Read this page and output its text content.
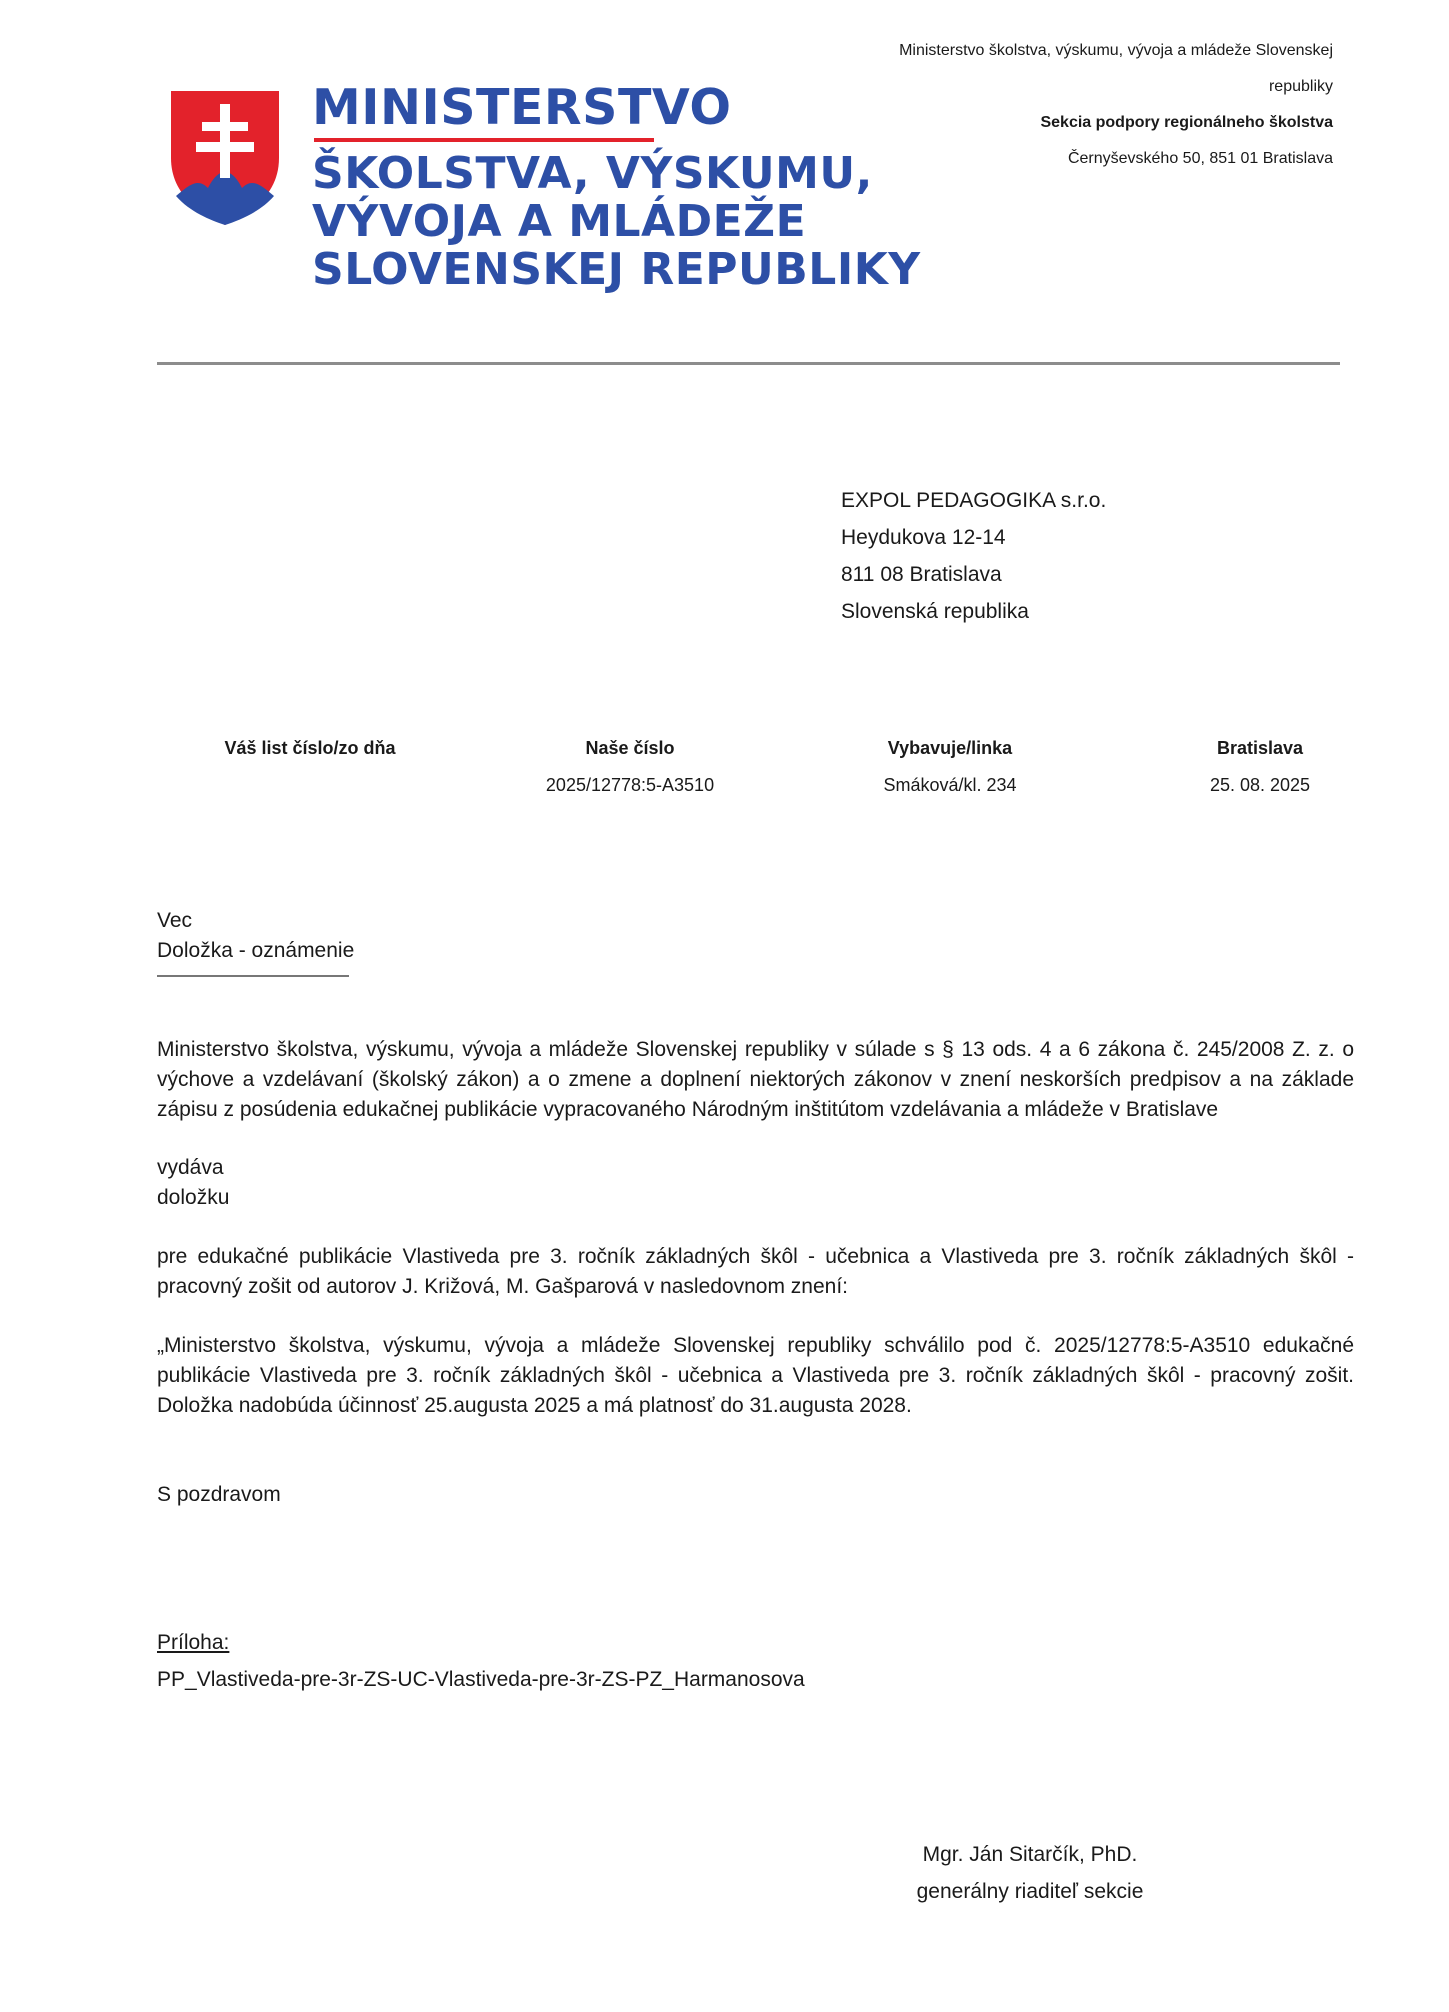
Ministerstvo školstva, výskumu, vývoja a mládeže Slovenskej
republiky
Sekcia podpory regionálneho školstva
Černyševského 50, 851 01 Bratislava
MINISTERSTVO
ŠKOLSTVA, VÝSKUMU,
VÝVOJA A MLÁDEŽE
SLOVENSKEJ REPUBLIKY
EXPOL PEDAGOGIKA s.r.o.
Heydukova 12-14
811 08 Bratislava
Slovenská republika
Váš list číslo/zo dňa	Naše číslo
2025/12778:5-A3510
Vybavuje/linka
Smáková/kl. 234
Bratislava
25. 08. 2025
Vec
Doložka - oznámenie
Ministerstvo školstva, výskumu, vývoja a mládeže Slovenskej republiky v súlade s § 13 ods. 4 a 6 zákona č. 245/2008 Z. z. o výchove a vzdelávaní (školský zákon) a o zmene a doplnení niektorých zákonov v znení neskorších predpisov a na základe zápisu z posúdenia edukačnej publikácie vypracovaného Národným inštitútom vzdelávania a mládeže v Bratislave
vydáva
doložku
pre edukačné publikácie Vlastiveda pre 3. ročník základných škôl - učebnica a Vlastiveda pre 3. ročník základných škôl - pracovný zošit od autorov J. Križová, M. Gašparová v nasledovnom znení:
„Ministerstvo školstva, výskumu, vývoja a mládeže Slovenskej republiky schválilo pod č. 2025/12778:5-A3510 edukačné publikácie Vlastiveda pre 3. ročník základných škôl - učebnica a Vlastiveda pre 3. ročník základných škôl - pracovný zošit. Doložka nadobúda účinnosť 25.augusta 2025 a má platnosť do 31.augusta 2028.
S pozdravom
Príloha:
PP_Vlastiveda-pre-3r-ZS-UC-Vlastiveda-pre-3r-ZS-PZ_Harmanosova
Mgr. Ján Sitarčík, PhD.
generálny riaditeľ sekcie
